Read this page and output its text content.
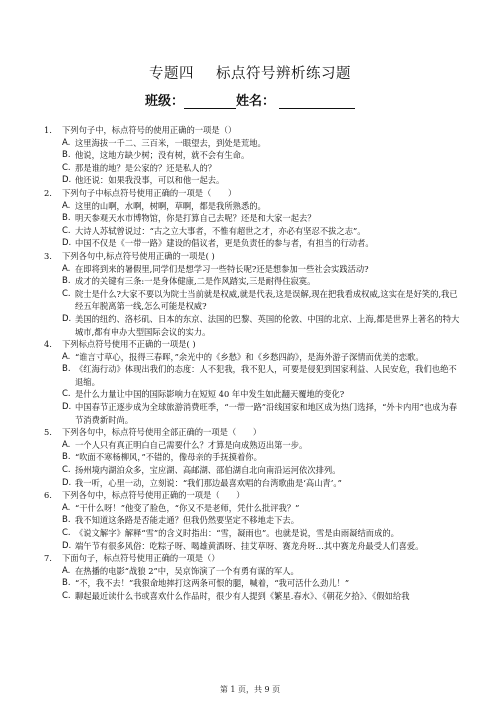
专题四 标点符号辨析练习题
班级：	姓名：
1.	下列句子中，标点符号的使用正确的一项是（）
A. 这里海拔一千二、三百米，一眼望去，到处是荒地。
B. 他说，这地方缺少树；没有树，就不会有生命。
C. 那是谁的地？是公家的？还是私人的？
D. 他还说：如果我没事，可以和他一起去。
2.	下列句子中标点符号使用正确的一项是（　　）
A. 这里的山啊，水啊，树啊，草啊，都是我所熟悉的。
B. 明天参观天水市博物馆，你是打算自己去呢？还是和大家一起去？
C. 大诗人苏轼曾说过：“古之立大事者，不惟有超世之才，亦必有坚忍不拔之志”。
D. 中国不仅是《一带一路》建设的倡议者，更是负责任的参与者，有担当的行动者。
3.	下列各句中,标点符号使用正确的一项是( )
A. 在即将到来的暑假里,同学们是想学习一些特长呢?还是想参加一些社会实践活动?
B. 成才的关键有三条:一是身体健康,二是作风踏实,三是耐得住寂寞。
C. 院士是什么?大家不要以为院士当前就是权威,就是代表,这是误解,现在把我看成权威,这实在是好笑的,我已经五年脱离第一线,怎么可能是权威?
D. 美国的纽约、洛杉矶、日本的东京、法国的巴黎、英国的伦敦、中国的北京、上海,都是世界上著名的特大城市,都有申办大型国际会议的实力。
4.	下列标点符号使用不正确的一项是( )
A. “谁言寸草心，报得三春晖，”余光中的《乡愁》和《乡愁四韵》，是海外游子深情而优美的恋歌。
B. 《红海行动》体现出我们的态度：人不犯我，我不犯人，可要是侵犯到国家利益、人民安危，我们也绝不退缩。
C. 是什么力量让中国的国际影响力在短短 40 年中发生如此翻天覆地的变化?
D. 中国春节正逐步成为全球旅游消费旺季，“一带一路”沿线国家和地区成为热门选择，“外卡内用”也成为春节消费新时尚。
5.	下列各句中，标点符号使用全部正确的一项是（　　）
A. 一个人只有真正明白自己需要什么？才算是向成熟迈出第一步。
B. “吹面不寒杨柳风，”不错的，像母亲的手抚摸着你。
C. 扬州境内湖泊众多，宝应湖、高邮湖、邵伯湖自北向南沿运河依次排列。
D. 我一听，心里一动，立刻说：“我们那边最喜欢唱的台湾歌曲是‘高山青’。”
6.	下列各句中，标点符号使用正确的一项是（　　）
A. “干什么呀！”他变了脸色，“你又不是老师，凭什么批评我？”
B. 我不知道这条路是否能走通？但我仍然要坚定不移地走下去。
C. 《说文解字》解释“雪”的含义时指出：“雪，凝雨也”。也就是说，雪是由雨凝结而成的。
D. 端午节有很多风俗：吃粽子呀、喝雄黄酒呀、挂艾草呀、赛龙舟呀…其中赛龙舟最受人们喜爱。
7.	下面句子，标点符号使用正确的一项是（）
A. 在热播的电影“战狼 2”中，吴京饰演了一个有勇有谋的军人。
B. “不，我不去！”我狠命地摔打这两条可恨的腿，喊着，“我可活什么劲儿！”
C. 聊起最近读什么书或喜欢什么作品时，很少有人提到《繁星.春水》、《朝花夕拾》、《假如给我
第 1 页，共 9 页
